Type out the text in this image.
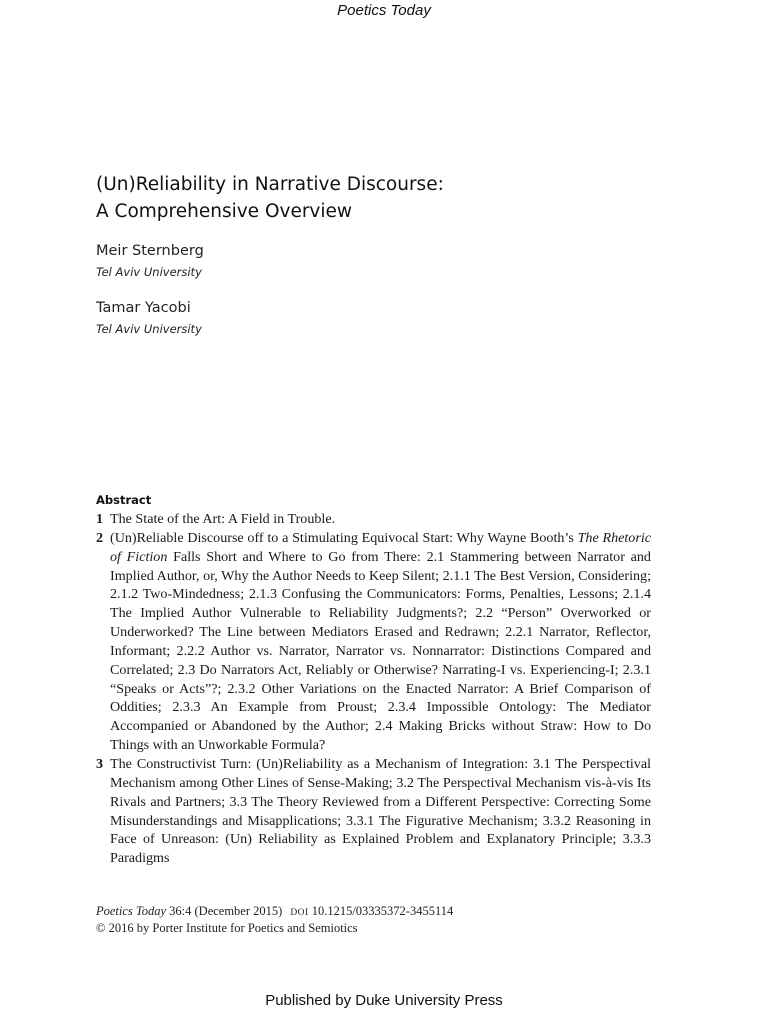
Poetics Today
(Un)Reliability in Narrative Discourse:
A Comprehensive Overview
Meir Sternberg
Tel Aviv University
Tamar Yacobi
Tel Aviv University
Abstract
1 The State of the Art: A Field in Trouble.
2 (Un)Reliable Discourse off to a Stimulating Equivocal Start: Why Wayne Booth’s The Rhetoric of Fiction Falls Short and Where to Go from There: 2.1 Stammering between Narrator and Implied Author, or, Why the Author Needs to Keep Silent; 2.1.1 The Best Version, Considering; 2.1.2 Two-Mindedness; 2.1.3 Confusing the Communicators: Forms, Penalties, Lessons; 2.1.4 The Implied Author Vulnerable to Reliability Judgments?; 2.2 “Person” Overworked or Underworked? The Line between Mediators Erased and Redrawn; 2.2.1 Narrator, Reflector, Informant; 2.2.2 Author vs. Narrator, Narrator vs. Nonnarrator: Distinctions Compared and Correlated; 2.3 Do Narrators Act, Reliably or Otherwise? Narrating-I vs. Experiencing-I; 2.3.1 “Speaks or Acts”?; 2.3.2 Other Variations on the Enacted Narrator: A Brief Comparison of Oddities; 2.3.3 An Example from Proust; 2.3.4 Impossible Ontology: The Mediator Accompanied or Abandoned by the Author; 2.4 Making Bricks without Straw: How to Do Things with an Unworkable Formula?
3 The Constructivist Turn: (Un)Reliability as a Mechanism of Integration: 3.1 The Perspectival Mechanism among Other Lines of Sense-Making; 3.2 The Perspectival Mechanism vis-à-vis Its Rivals and Partners; 3.3 The Theory Reviewed from a Different Perspective: Correcting Some Misunderstandings and Misapplications; 3.3.1 The Figurative Mechanism; 3.3.2 Reasoning in Face of Unreason: (Un) Reliability as Explained Problem and Explanatory Principle; 3.3.3 Paradigms
Poetics Today 36:4 (December 2015) DOI 10.1215/03335372-3455114
© 2016 by Porter Institute for Poetics and Semiotics
Published by Duke University Press
